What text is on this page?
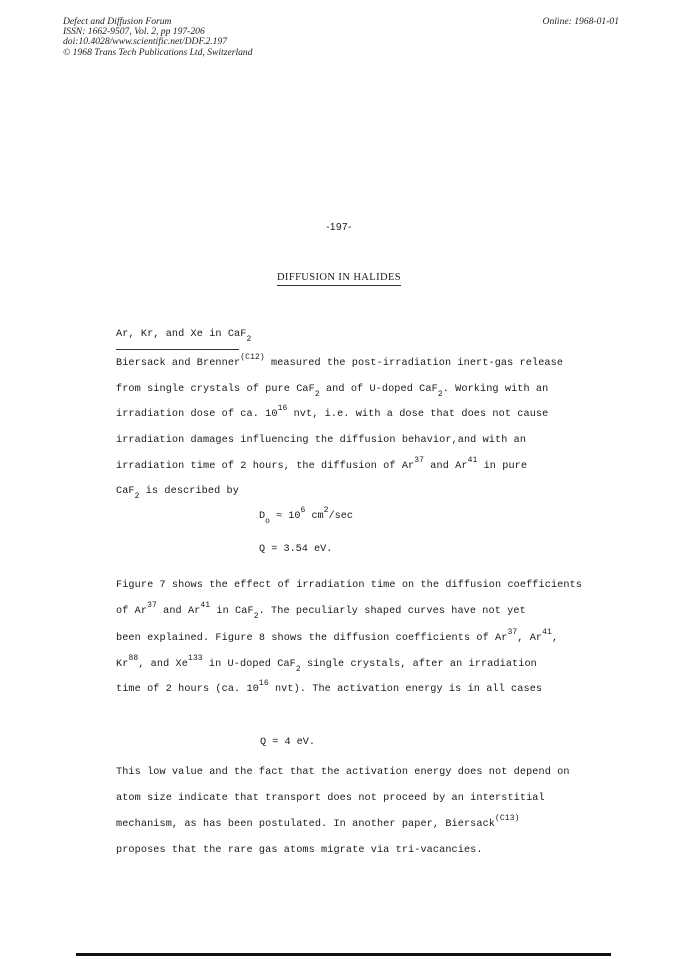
Defect and Diffusion Forum
ISSN: 1662-9507, Vol. 2, pp 197-206
doi:10.4028/www.scientific.net/DDF.2.197
© 1968 Trans Tech Publications Ltd, Switzerland
Online: 1968-01-01
-197-
DIFFUSION IN HALIDES
Ar, Kr, and Xe in CaF$_2$
Biersack and Brenner$^{(C12)}$ measured the post-irradiation inert-gas release
from single crystals of pure CaF$_2$ and of U-doped CaF$_2$. Working with an
irradiation dose of ca. $10^{16}$ nvt, i.e. with a dose that does not cause
irradiation damages influencing the diffusion behavior,and with an
irradiation time of 2 hours, the diffusion of Ar$^{37}$ and Ar$^{41}$ in pure
CaF$_2$ is described by
$D_o \approx 10^6$ $cm^2/\sec$
Q = 3.54 eV.
Figure 7 shows the effect of irradiation time on the diffusion coefficients
of Ar$^{37}$ and Ar$^{41}$ in CaF$_2$. The peculiarly shaped curves have not yet
been explained. Figure 8 shows the diffusion coefficients of Ar$^{37}$, Ar$^{41}$,
Kr$^{88}$, and Xe$^{133}$ in U-doped CaF$_2$ single crystals, after an irradiation
time of 2 hours (ca. $10^{16}$ nvt). The activation energy is in all cases
Q = 4 eV.
This low value and the fact that the activation energy does not depend on
atom size indicate that transport does not proceed by an interstitial
mechanism, as has been postulated. In another paper, Biersack$^{(C13)}$
proposes that the rare gas atoms migrate via tri-vacancies.
